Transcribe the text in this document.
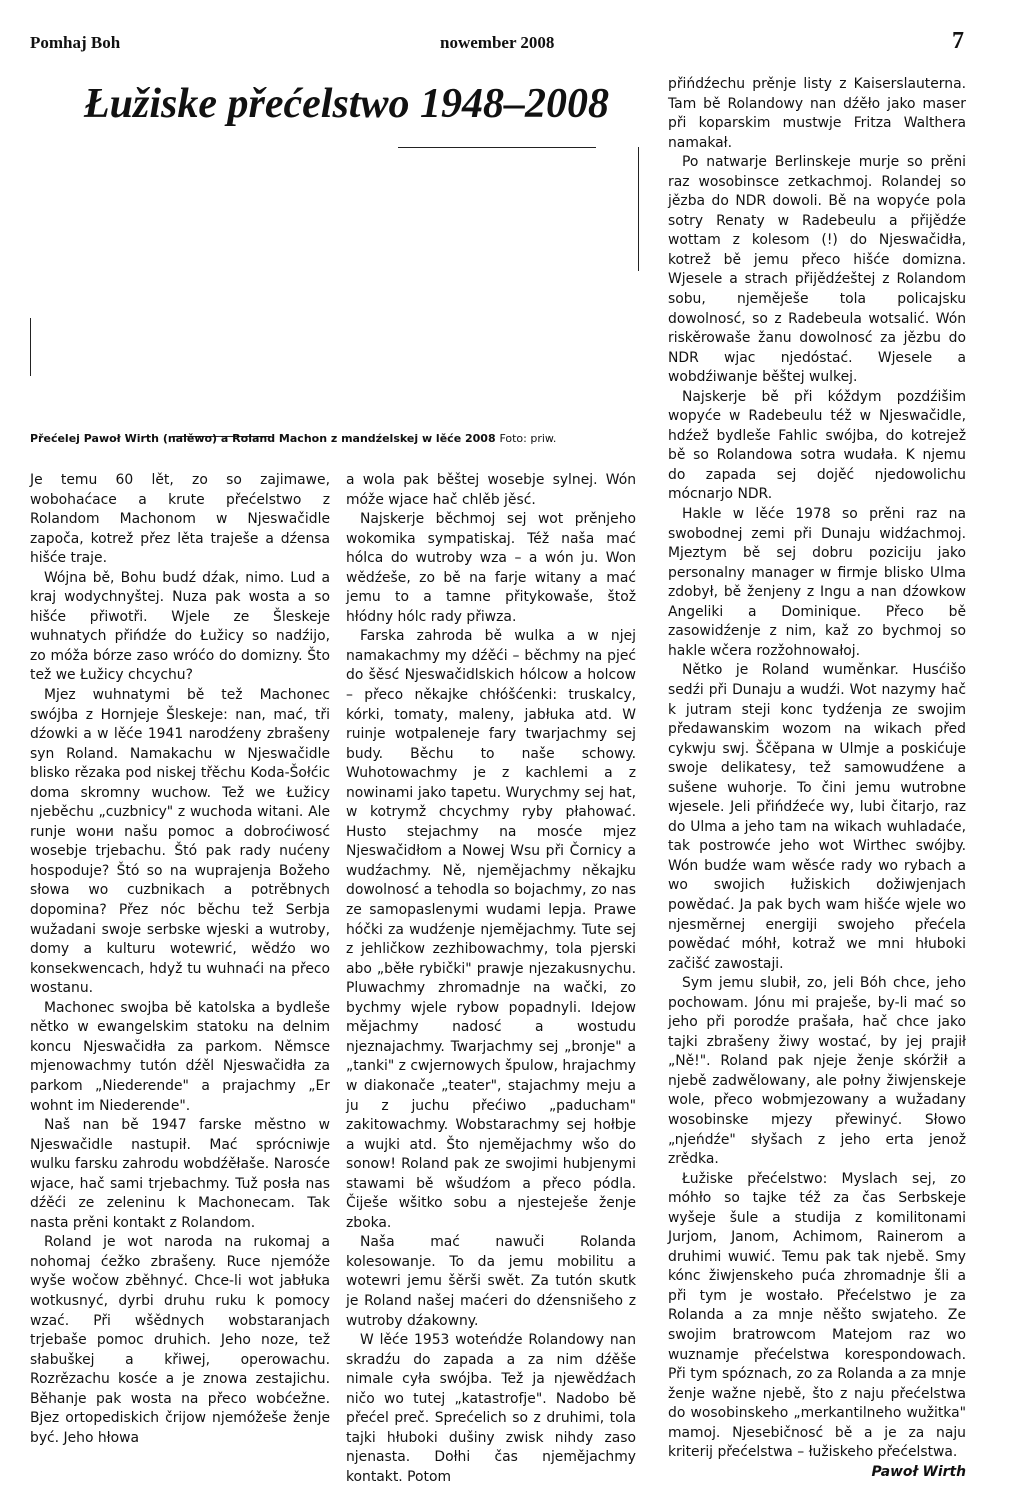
Pomhaj Boh	nowember 2008	7
Łužiske přećelstwo 1948–2008
Přećelej Pawoł Wirth (nalěwo) a Roland Machon z mandźelskej w lěće 2008 Foto: priw.

Je temu 60 lět, zo so zajimawe, wobohaćace a krute přećelstwo z Rolandom Machonom w Njeswačidle započa, kotrež přez lěta traješe a dźensa hišće traje.

Wójna bě, Bohu budź dźak, nimo. Lud a kraj wodychnyštej. Nuza pak wosta a so hišće přiwotři. Wjele ze Šleskeje wuhnatych přińdźe do Łužicy so nadźijo, zo móža bórze zaso wróćo do domizny. Što tež we Łužicy chcychu?

Mjez wuhnatymi bě tež Machonec swójba z Hornjeje Šleskeje: nan, mać, tři dźowki a w lěće 1941 narodźeny zbrašeny syn Roland. Namakachu w Njeswačidle blisko rězaka pod niskej třěchu Koda-Šołćic doma skromny wuchow. Tež we Łužicy njeběchu „cuzbnicy" z wuchoda witani. Ale runje wони našu pomoc a dobroćiwosć wosebje trjebachu. Štó pak rady nućeny hospoduje? Štó so na wuprajenja Božeho słowa wo cuzbnikach a potrěbnych dopomina? Přez nóc běchu tež Serbja wužadani swoje serbske wjeski a wutroby, domy a kulturu wotewrić, wědźo wo konsekwencach, hdyž tu wuhnaći na přeco wostanu.

Machonec swojba bě katolska a bydleše nětko w ewangelskim statoku na delnim koncu Njeswačidła za parkom. Němsce mjenowachmy tutón dźěl Njeswačidła za parkom „Niederende" a prajachmy „Er wohnt im Niederende".

Naš nan bě 1947 farske městno w Njeswačidle nastupił. Mać sprócniwje wulku farsku zahrodu wobdźěłaše. Narosće wjace, hač sami trjebachmy. Tuž posła nas dźěći ze zeleninu k Machonecam. Tak nasta prěni kontakt z Rolandom.

Roland je wot naroda na rukomaj a nohomaj ćežko zbrašeny. Ruce njemóže wyše wočow zběhnyć. Chce-li wot jabłuka wotkusnyć, dyrbi druhu ruku k pomocy wzać. Při wšědnych wobstaranjach trjebaše pomoc druhich. Jeho noze, tež słabuškej a křiwej, operowachu. Rozrězachu kosće a je znowa zestajichu. Běhanje pak wosta na přeco wobćežne. Bjez ortopediskich črijow njemóžeše ženje być. Jeho hłowa

a wola pak běštej wosebje sylnej. Wón móže wjace hač chlěb jěsć.

Najskerje běchmoj sej wot prěnjeho wokomika sympatiskaj. Též naša mać hólca do wutroby wza – a wón ju. Won wědźeše, zo bě na farje witany a mać jemu to a tamne přitykowaše, štož hłódny hólc rady přiwza.

Farska zahroda bě wulka a w njej namakachmy my dźěći – běchmy na pjeć do šěsć Njeswačidlskich hólcow a holcow – přeco někajke chłóšćenki: truskalcy, kórki, tomaty, maleny, jabłuka atd. W ruinje wotpaleneje fary twarjachmy sej budy. Běchu to naše schowy. Wuhotowachmy je z kachlemi a z nowinami jako tapetu. Wurychmy sej hat, w kotrymž chcychmy ryby płahować. Husto stejachmy na mosće mjez Njeswačidłom a Nowej Wsu při Čornicy a wudźachmy. Ně, njemějachmy někajku dowolnosć a tehodla so bojachmy, zo nas ze samopaslenymi wudami lepja. Prawe hóčki za wudźenje njemějachmy. Tute sej z jehličkow zezhibowachmy, tola pjerski abo „běłe rybički" prawje njezakusnychu. Pluwachmy zhromadnje na wački, zo bychmy wjele rybow popadnyli. Idejow mějachmy nadosć a wostudu njeznajachmy. Twarjachmy sej „bronje" a „tanki" z cwjernowych špulow, hrajachmy w diakonače „teater", stajachmy meju a ju z juchu přećiwo „paducham" zakitowachmy. Wobstarachmy sej hołbje a wujki atd. Što njemějachmy wšo do sonow! Roland pak ze swojimi hubjenymi stawami bě wšudźom a přeco pódla. Čiješe wšitko sobu a njesteješe ženje zboka.

Naša mać nawuči Rolanda kolesowanje. To da jemu mobilitu a wotewri jemu šěrši swět. Za tutón skutk je Roland našej maćeri do dźensnišeho z wutroby dźakowny.

W lěće 1953 wotеńdźe Rolandowy nan skradźu do zapada a za nim dźěše nimale cyła swójba. Tež ja njewědźach ničo wo tutej „katastrofje". Nadobo bě přećel preč. Sprećelich so z druhimi, tola tajki hłuboki dušiny zwisk nihdy zaso njenasta. Dołhi čas njemějachmy kontakt. Potom

přińdźechu prěnje listy z Kaiserslauterna. Tam bě Rolandowy nan dźěło jako maser při koparskim mustwje Fritza Walthera namakał.

Po natwarje Berlinskeje murje so prěni raz wosobinsce zetkachmoj. Rolandej so jězba do NDR dowoli. Bě na wopyće pola sotry Renaty w Radebeulu a přijědźe wottam z kolesom (!) do Njeswačidła, kotrež bě jemu přeco hišće domizna. Wjesele a strach přijědźeštej z Rolandom sobu, njeměješe tola policajsku dowolnosć, so z Radebeula wotsalić. Wón riskěrowaše žanu dowolnosć za jězbu do NDR wjac njedóstać. Wjesele a wobdźiwanje běštej wulkej.

Najskerje bě při kóždym pozdźišim wopyće w Radebeulu též w Njeswačidle, hdźež bydleše Fahlic swójba, do kotrejež bě so Rolandowa sotra wudała. K njemu do zapada sej dojěć njedowolichu mócnarjo NDR.

Hakle w lěće 1978 so prěni raz na swobodnej zemi při Dunaju widźachmoj. Mjeztym bě sej dobru poziciju jako personalny manager w firmje blisko Ulma zdobył, bě ženjeny z Ingu a nan dźowkow Angeliki a Dominique. Přeco bě zasowidźenje z nim, kaž zo bychmoj so hakle wčera rozžohnowałoj.

Nětko je Roland wuměnkar. Husćišo sedźi při Dunaju a wudźi. Wot nazymy hač k jutram steji konc tydźenja ze swojim předawanskim wozom na wikach před cykwju swj. Ščěpana w Ulmje a poskićuje swoje delikatesy, tež samowudźene a sušene wuhorje. To čini jemu wutrobne wjesele. Jeli přińdźeće wy, lubi čitarjo, raz do Ulma a jeho tam na wikach wuhladaće, tak postrowće jeho wot Wirthec swójby. Wón budźe wam wěsće rady wo rybach a wo swojich łužiskich dožiwjenjach powědać. Ja pak bych wam hišće wjele wo njesměrnej energiji swojeho přećela powědać móhł, kotraž we mni hłuboki začišć zawostaji.

Sym jemu slubił, zo, jeli Bóh chce, jeho pochowam. Jónu mi praješe, by-li mać so jeho při porodźe prašała, hač chce jako tajki zbrašeny žiwy wostać, by jej prajił „Ně!". Roland pak njeje ženje skóržił a njebě zadwělowany, ale połny žiwjenskeje wole, přeco wobmjezowany a wužadany wosobinske mjezy přewinyć. Słowo „njeńdźe" słyšach z jeho erta jenož zrědka.

Łužiske přećelstwo: Myslach sej, zo móhło so tajke též za čas Serbskeje wyšeje šule a studija z komilitonami Jurjom, Janom, Achimom, Rainerom a druhimi wuwić. Temu pak tak njebě. Smy kónc žiwjenskeho puća zhromadnje šli a při tym je wostało. Přećelstwo je za Rolanda a za mnje něšto swjateho. Ze swojim bratrowcom Matejom raz wo wuznamje přećelstwa korespondowach. Při tym spóznach, zo za Rolanda a za mnje ženje wažne njebě, što z naju přećelstwa do wosobinskeho „merkantilneho wužitka" mamoj. Njesebičnosć bě a je za naju kriterij přećelstwa – łužiskeho přećelstwa.
Pawoł Wirth
